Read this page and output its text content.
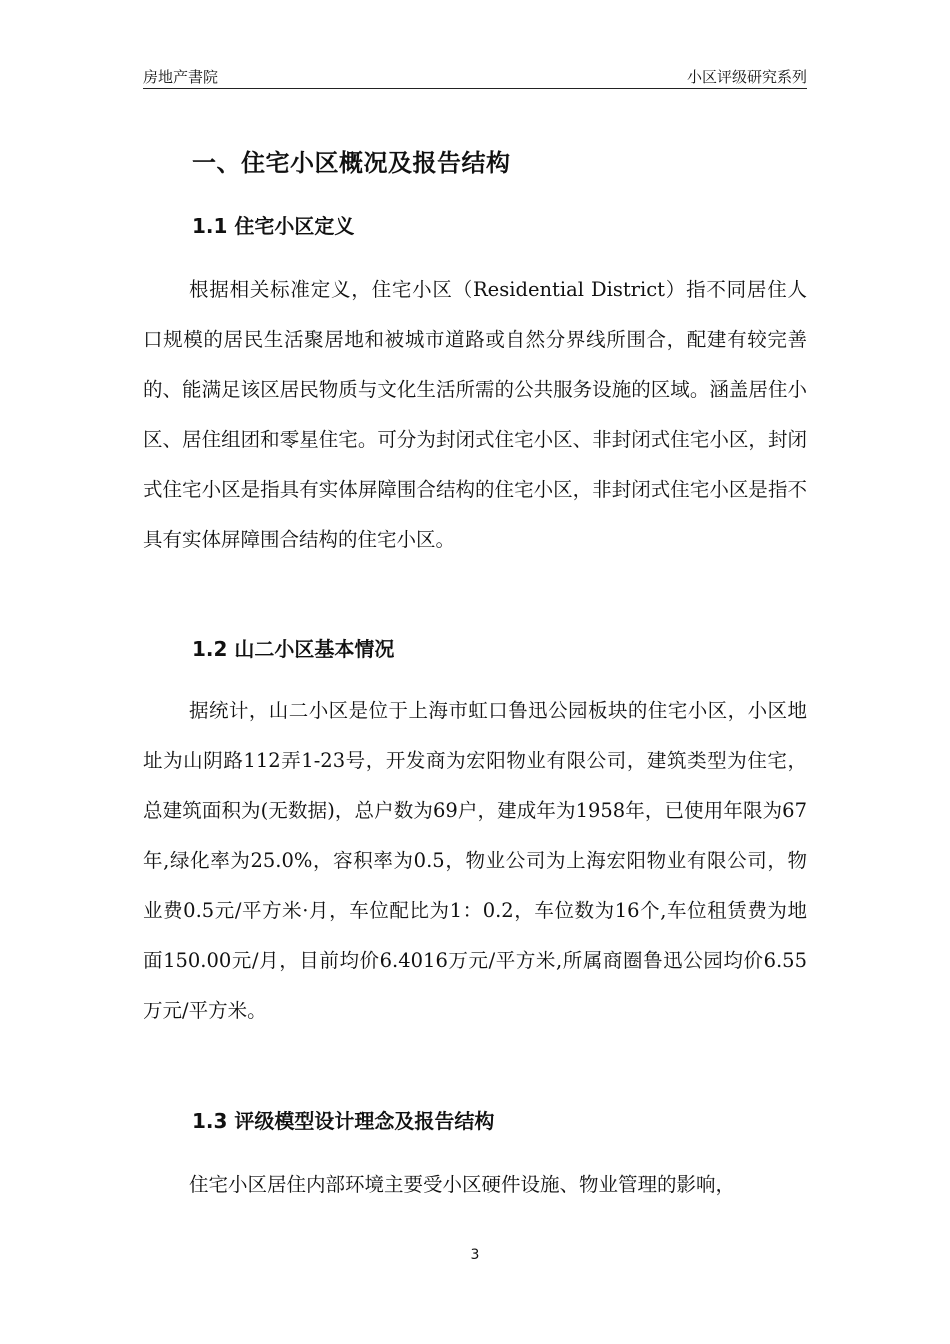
房地产書院	小区评级研究系列
一、住宅小区概况及报告结构
1.1 住宅小区定义

根据相关标准定义，住宅小区（Residential District）指不同居住人口规模的居民生活聚居地和被城市道路或自然分界线所围合，配建有较完善的、能满足该区居民物质与文化生活所需的公共服务设施的区域。涵盖居住小区、居住组团和零星住宅。可分为封闭式住宅小区、非封闭式住宅小区，封闭式住宅小区是指具有实体屏障围合结构的住宅小区，非封闭式住宅小区是指不具有实体屏障围合结构的住宅小区。

1.2 山二小区基本情况

据统计，山二小区是位于上海市虹口鲁迅公园板块的住宅小区，小区地址为山阴路112弄1-23号，开发商为宏阳物业有限公司，建筑类型为住宅，总建筑面积为(无数据)，总户数为69户，建成年为1958年，已使用年限为67年,绿化率为25.0%，容积率为0.5，物业公司为上海宏阳物业有限公司，物业费0.5元/平方米·月，车位配比为1：0.2，车位数为16个,车位租赁费为地面150.00元/月，目前均价6.4016万元/平方米,所属商圈鲁迅公园均价6.55万元/平方米。

1.3 评级模型设计理念及报告结构

住宅小区居住内部环境主要受小区硬件设施、物业管理的影响，

3
